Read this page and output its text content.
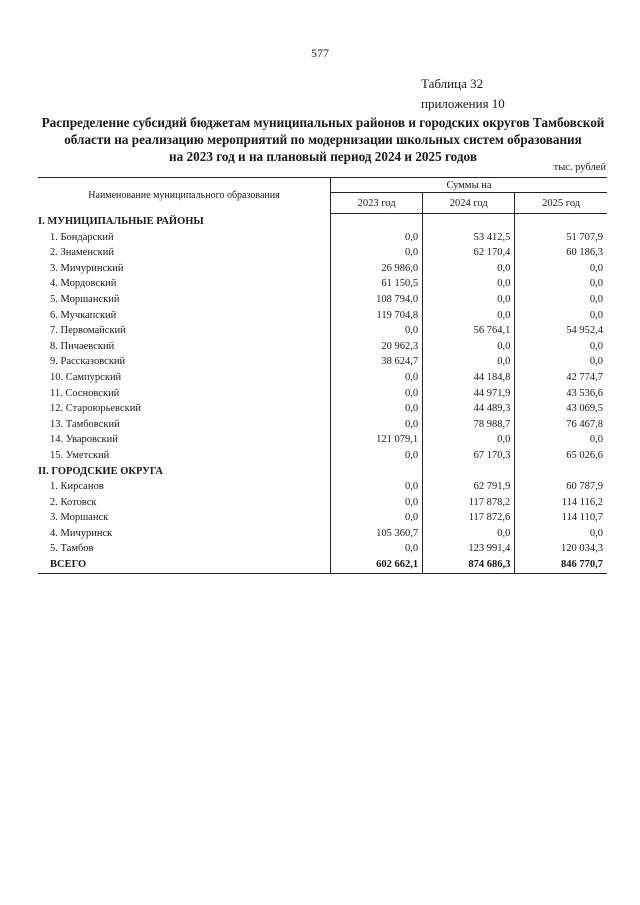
577
Таблица 32
приложения 10
Распределение субсидий бюджетам муниципальных районов и городских округов Тамбовской
области на реализацию мероприятий по модернизации школьных систем образования
на 2023 год и на плановый период 2024 и 2025 годов
тыс. рублей
Наименование муниципального образования	Суммы на		
	2023 год	2024 год	2025 год
I. МУНИЦИПАЛЬНЫЕ РАЙОНЫ			
1. Бондарский	0,0	53 412,5	51 707,9
2. Знаменский	0,0	62 170,4	60 186,3
3. Мичуринский	26 986,0	0,0	0,0
4. Мордовский	61 150,5	0,0	0,0
5. Моршанский	108 794,0	0,0	0,0
6. Мучкапский	119 704,8	0,0	0,0
7. Первомайский	0,0	56 764,1	54 952,4
8. Пичаевский	20 962,3	0,0	0,0
9. Рассказовский	38 624,7	0,0	0,0
10. Сампурский	0,0	44 184,8	42 774,7
11. Сосновский	0,0	44 971,9	43 536,6
12. Староюрьевский	0,0	44 489,3	43 069,5
13. Тамбовский	0,0	78 988,7	76 467,8
14. Уваровский	121 079,1	0,0	0,0
15. Уметский	0,0	67 170,3	65 026,6
II. ГОРОДСКИЕ ОКРУГА			
1. Кирсанов	0,0	62 791,9	60 787,9
2. Котовск	0,0	117 878,2	114 116,2
3. Моршанск	0,0	117 872,6	114 110,7
4. Мичуринск	105 360,7	0,0	0,0
5. Тамбов	0,0	123 991,4	120 034,3
ВСЕГО	602 662,1	874 686,3	846 770,7
